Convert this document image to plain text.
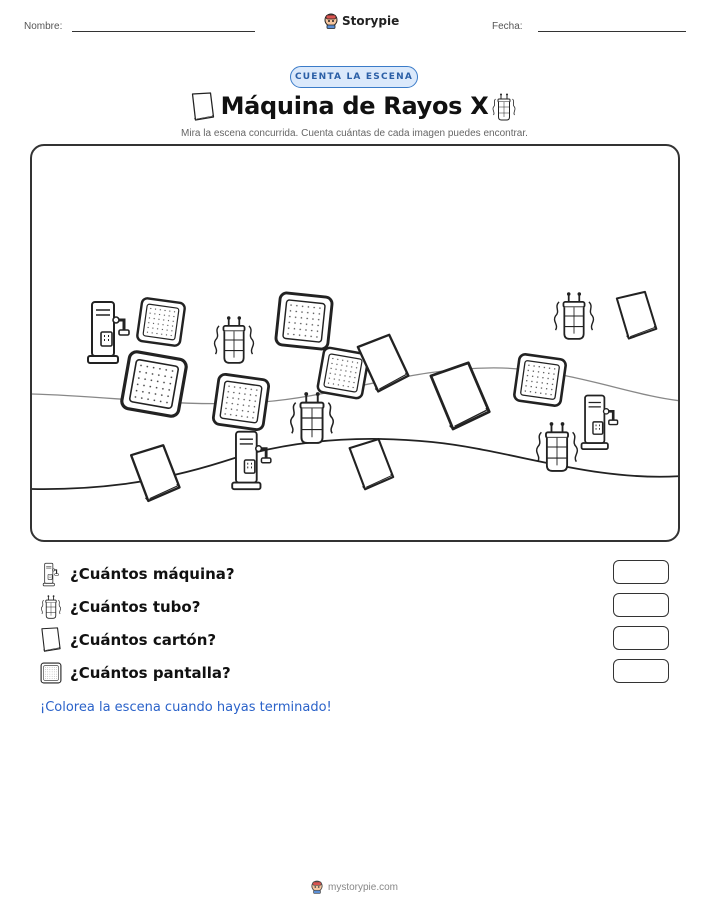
Nombre:	Storypie	Fecha:
CUENTA LA ESCENA
Máquina de Rayos X
Mira la escena concurrida. Cuenta cuántas de cada imagen puedes encontrar.
¿Cuántos máquina?
¿Cuántos tubo?
¿Cuántos cartón?
¿Cuántos pantalla?
¡Colorea la escena cuando hayas terminado!
mystorypie.com
